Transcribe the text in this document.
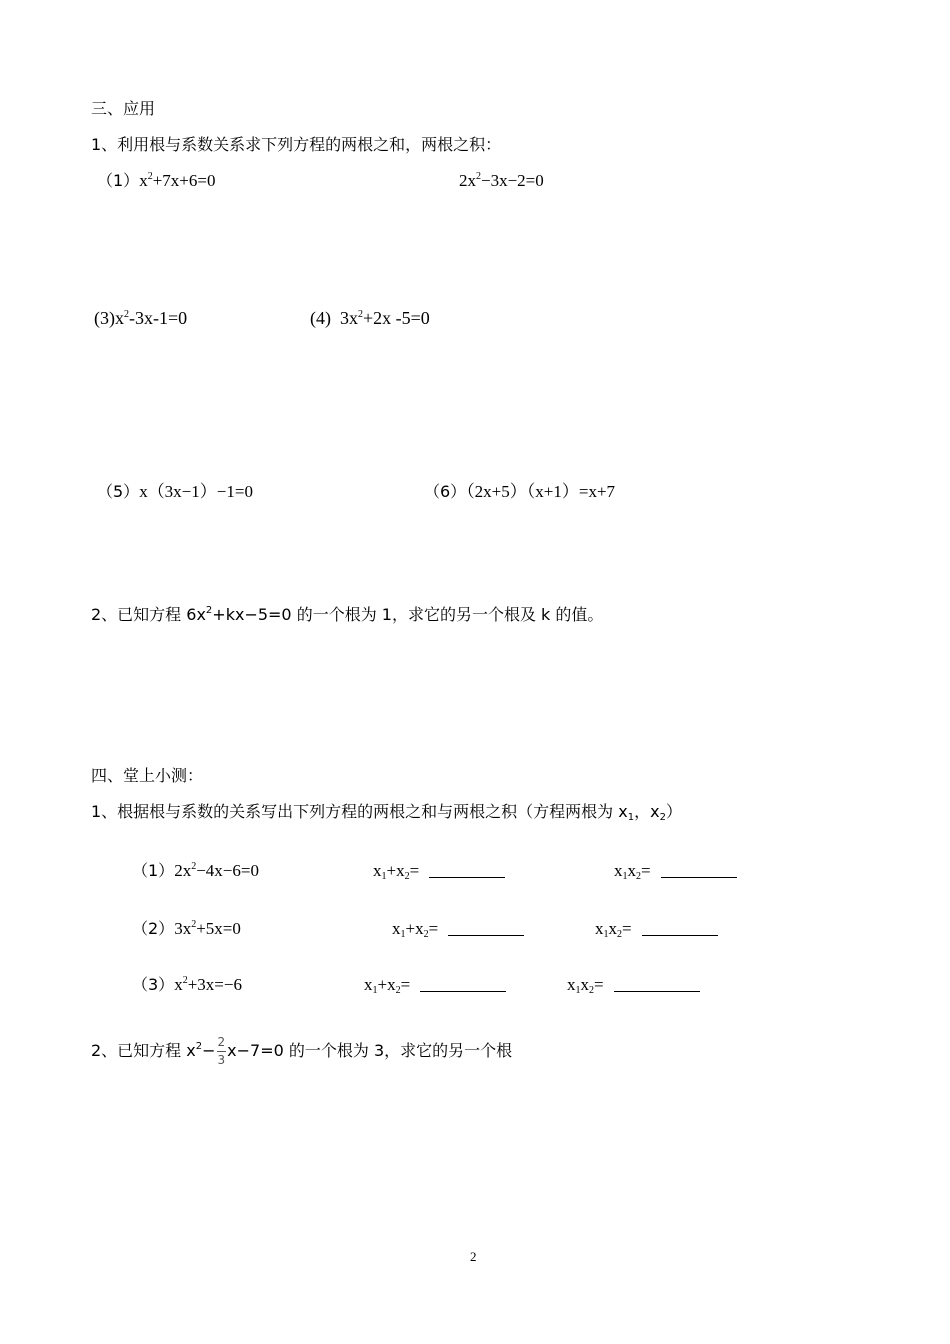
三、应用
1、利用根与系数关系求下列方程的两根之和，两根之积：
$(1)x^2+7x+6=0$	$2x^2-3x-2=0$
$(3)x^2-3x-1=0$	(4)  $3x^2+2x$ -5=0
（5）x（3x−1）−1=0	（6）（2x+5）（x+1）=x+7
2、已知方程 $6x^2+kx-5=0$ 的一个根为 1，求它的另一个根及 k 的值。
四、堂上小测：
1、根据根与系数的关系写出下列方程的两根之和与两根之积（方程两根为 $x_1$，$x_2$）
$(1)2x^2-4x-6=0$	$x_1+x_2=$	$x_1x_2=$
$(2)3x^2+5x=0$	$x_1+x_2=$	$x_1x_2=$
$(3)x^2+3x=-6$	$x_1+x_2=$	$x_1x_2=$
2、已知方程 $x^2- \frac{2}{3} x-7=0$ 的一个根为 3，求它的另一个根
2
